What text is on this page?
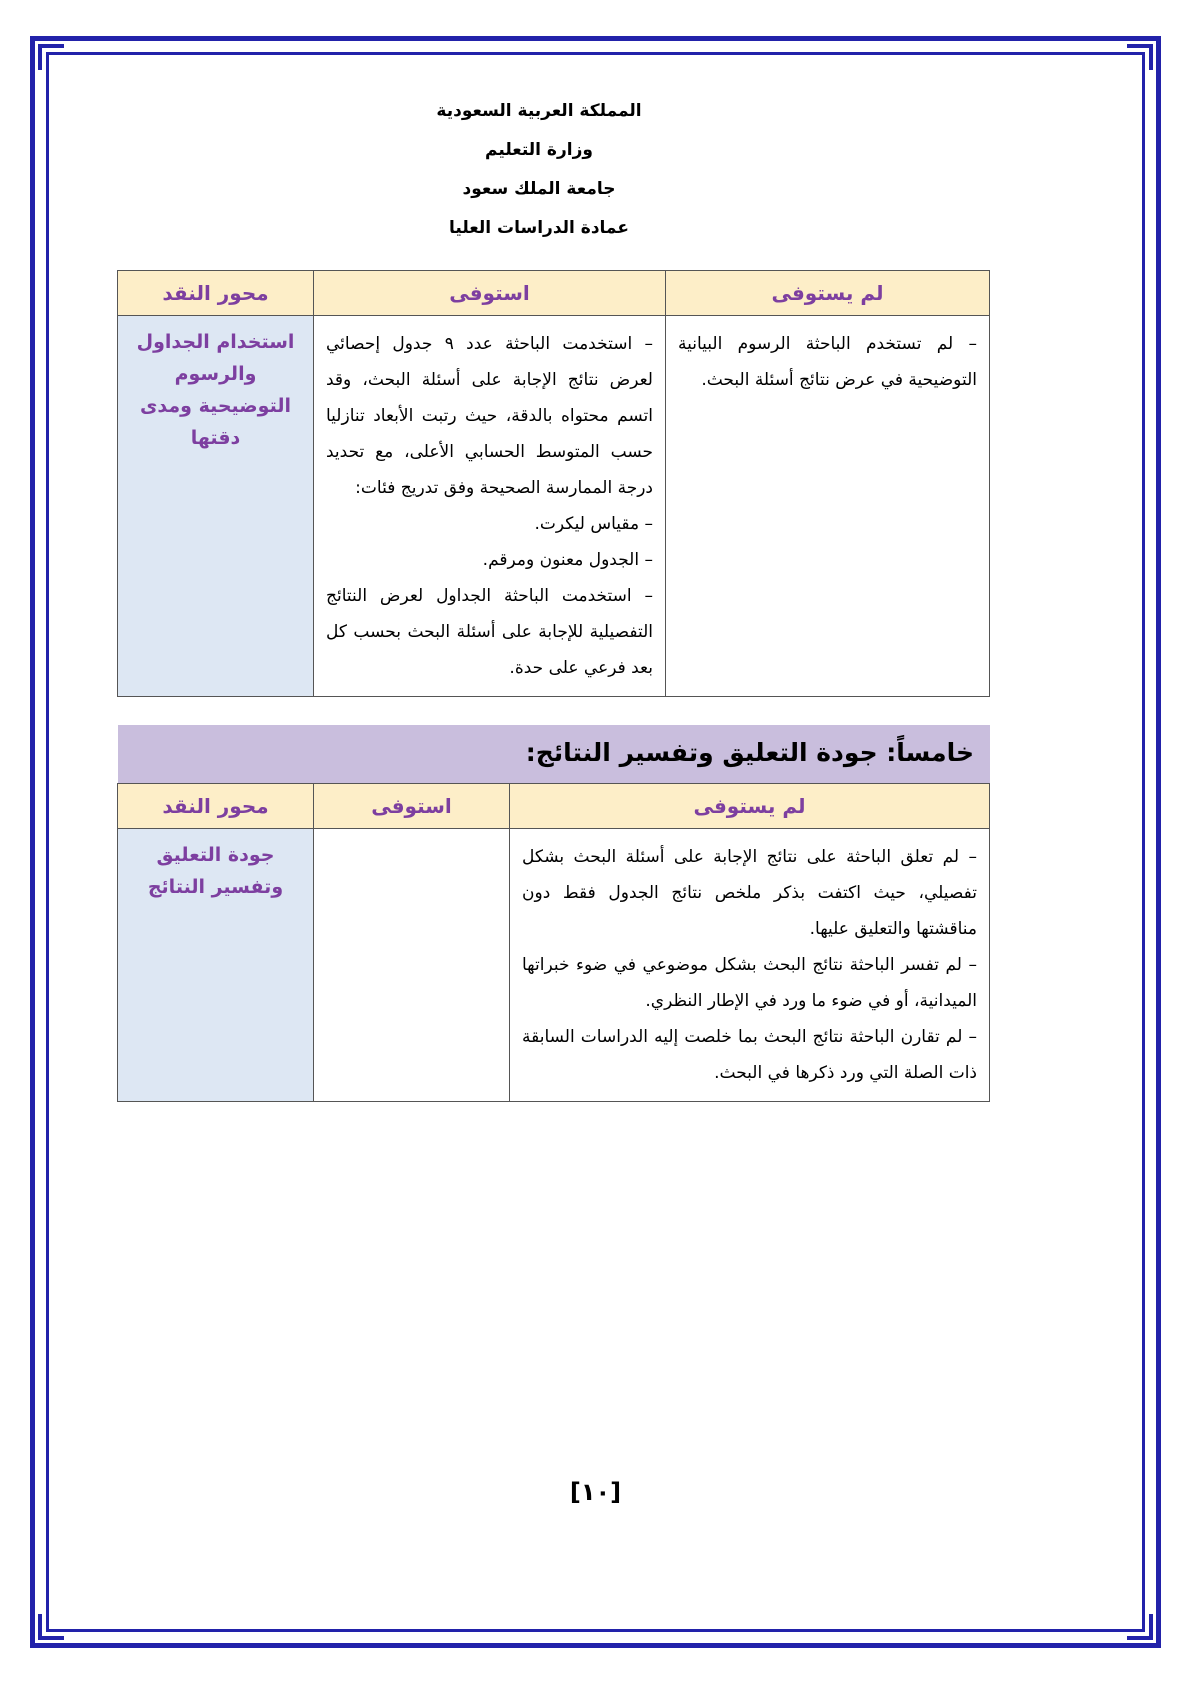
المملكة العربية السعودية
وزارة التعليم
جامعة الملك سعود
عمادة الدراسات العليا
لم يستوفى	استوفى	محور النقد

– لم تستخدم الباحثة الرسوم البيانية التوضيحية في عرض نتائج أسئلة البحث.	– استخدمت الباحثة عدد ٩ جدول إحصائي لعرض نتائج الإجابة على أسئلة البحث، وقد اتسم محتواه بالدقة، حيث رتبت الأبعاد تنازليا حسب المتوسط الحسابي الأعلى، مع تحديد درجة الممارسة الصحيحة وفق تدريج فئات:

– مقياس ليكرت.

– الجدول معنون ومرقم.

– استخدمت الباحثة الجداول لعرض النتائج التفصيلية للإجابة على أسئلة البحث بحسب كل بعد فرعي على حدة.	استخدام الجداول والرسوم التوضيحية ومدى دقتها
خامساً: جودة التعليق وتفسير النتائج:
لم يستوفى	استوفى	محور النقد

– لم تعلق الباحثة على نتائج الإجابة على أسئلة البحث بشكل تفصيلي، حيث اكتفت بذكر ملخص نتائج الجدول فقط دون مناقشتها والتعليق عليها.

– لم تفسر الباحثة نتائج البحث بشكل موضوعي في ضوء خبراتها الميدانية، أو في ضوء ما ورد في الإطار النظري.

– لم تقارن الباحثة نتائج البحث بما خلصت إليه الدراسات السابقة ذات الصلة التي ورد ذكرها في البحث.		جودة التعليق وتفسير النتائج
[١٠]
